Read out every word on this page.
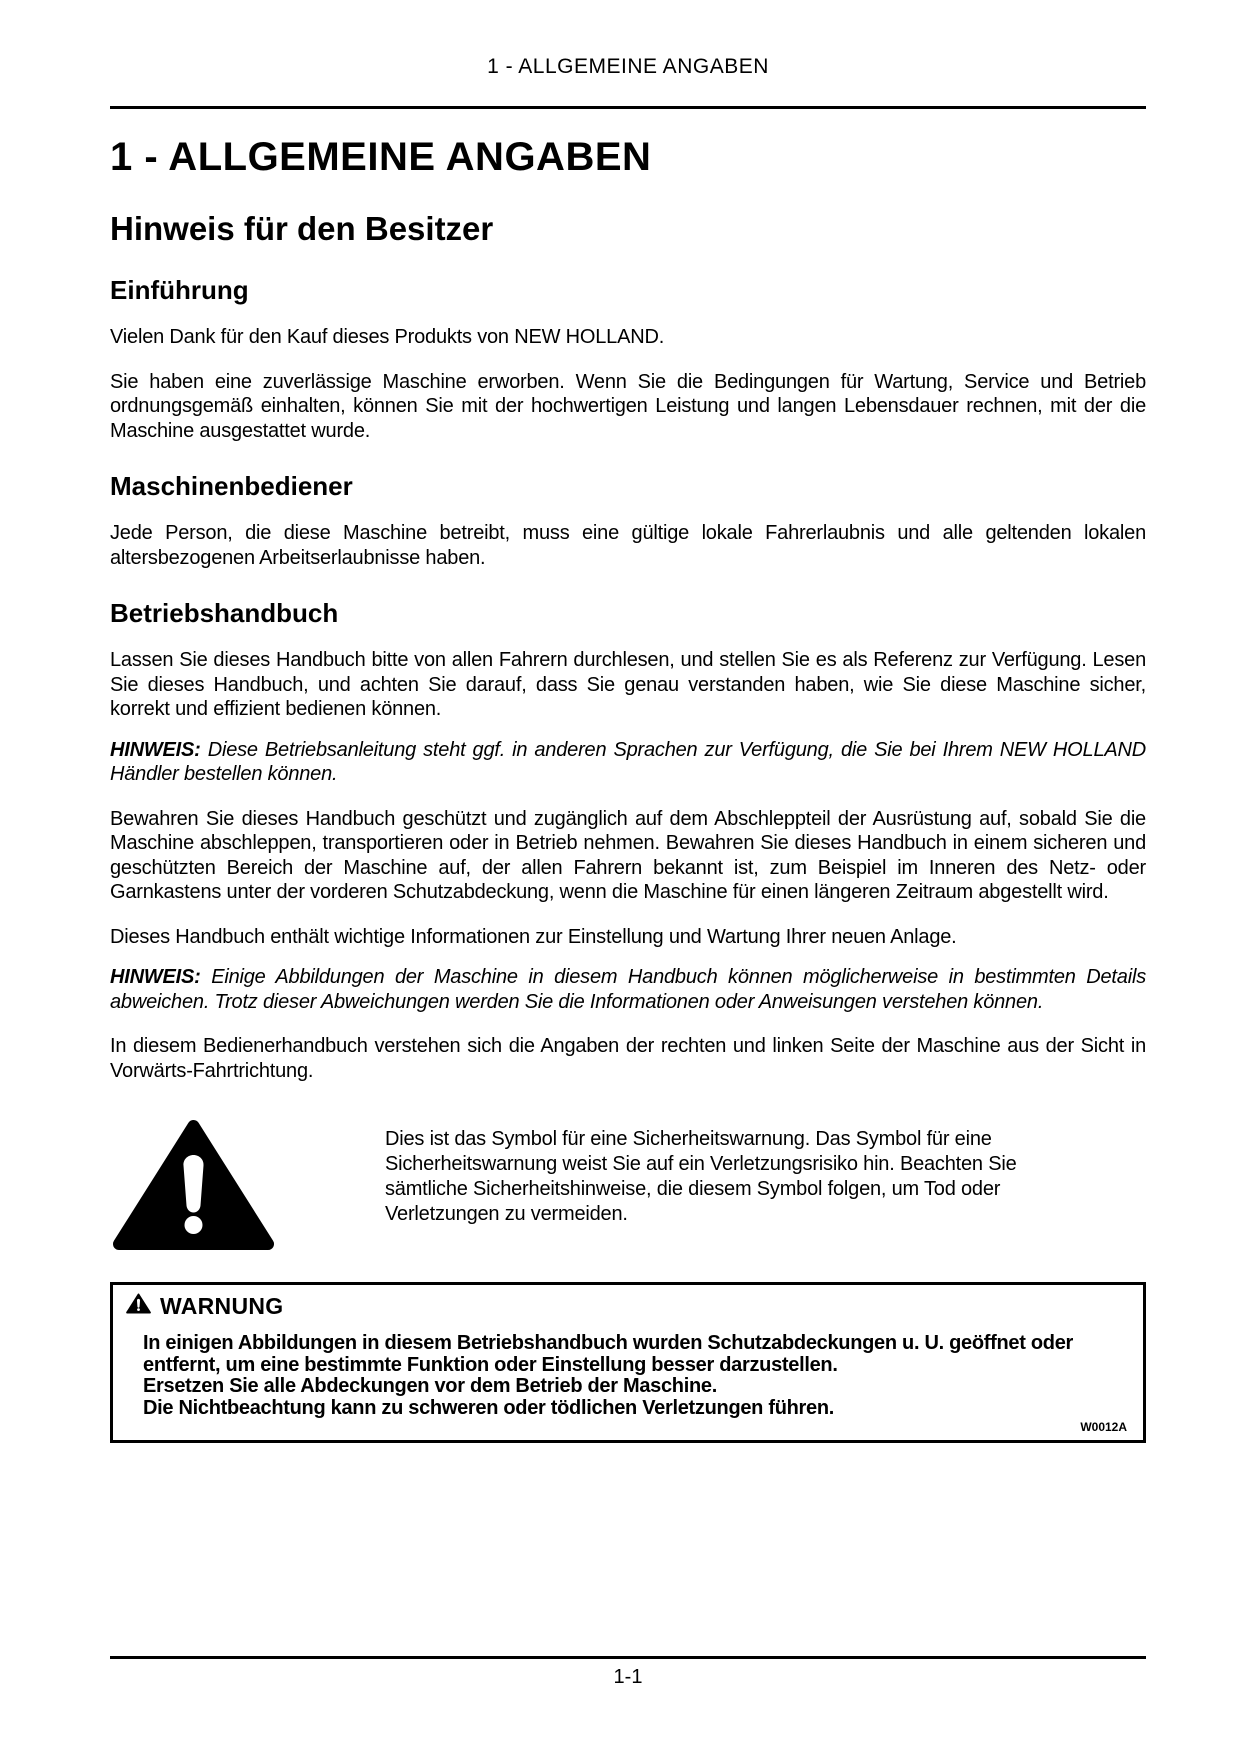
1 - ALLGEMEINE ANGABEN
1 - ALLGEMEINE ANGABEN
Hinweis für den Besitzer
Einführung

Vielen Dank für den Kauf dieses Produkts von NEW HOLLAND.

Sie haben eine zuverlässige Maschine erworben. Wenn Sie die Bedingungen für Wartung, Service und Betrieb ordnungsgemäß einhalten, können Sie mit der hochwertigen Leistung und langen Lebensdauer rechnen, mit der die Maschine ausgestattet wurde.

Maschinenbediener

Jede Person, die diese Maschine betreibt, muss eine gültige lokale Fahrerlaubnis und alle geltenden lokalen altersbezogenen Arbeitserlaubnisse haben.

Betriebshandbuch

Lassen Sie dieses Handbuch bitte von allen Fahrern durchlesen, und stellen Sie es als Referenz zur Verfügung. Lesen Sie dieses Handbuch, und achten Sie darauf, dass Sie genau verstanden haben, wie Sie diese Maschine sicher, korrekt und effizient bedienen können.

HINWEIS: Diese Betriebsanleitung steht ggf. in anderen Sprachen zur Verfügung, die Sie bei Ihrem NEW HOLLAND Händler bestellen können.

Bewahren Sie dieses Handbuch geschützt und zugänglich auf dem Abschleppteil der Ausrüstung auf, sobald Sie die Maschine abschleppen, transportieren oder in Betrieb nehmen. Bewahren Sie dieses Handbuch in einem sicheren und geschützten Bereich der Maschine auf, der allen Fahrern bekannt ist, zum Beispiel im Inneren des Netz- oder Garnkastens unter der vorderen Schutzabdeckung, wenn die Maschine für einen längeren Zeitraum abgestellt wird.

Dieses Handbuch enthält wichtige Informationen zur Einstellung und Wartung Ihrer neuen Anlage.

HINWEIS: Einige Abbildungen der Maschine in diesem Handbuch können möglicherweise in bestimmten Details abweichen. Trotz dieser Abweichungen werden Sie die Informationen oder Anweisungen verstehen können.

In diesem Bedienerhandbuch verstehen sich die Angaben der rechten und linken Seite der Maschine aus der Sicht in Vorwärts-Fahrtrichtung.

Dies ist das Symbol für eine Sicherheitswarnung. Das Symbol für eine Sicherheitswarnung weist Sie auf ein Verletzungsrisiko hin. Beachten Sie sämtliche Sicherheitshinweise, die diesem Symbol folgen, um Tod oder Verletzungen zu vermeiden.
WARNUNG

In einigen Abbildungen in diesem Betriebshandbuch wurden Schutzabdeckungen u. U. geöffnet oder entfernt, um eine bestimmte Funktion oder Einstellung besser darzustellen.

Ersetzen Sie alle Abdeckungen vor dem Betrieb der Maschine.

Die Nichtbeachtung kann zu schweren oder tödlichen Verletzungen führen.

W0012A
1-1
